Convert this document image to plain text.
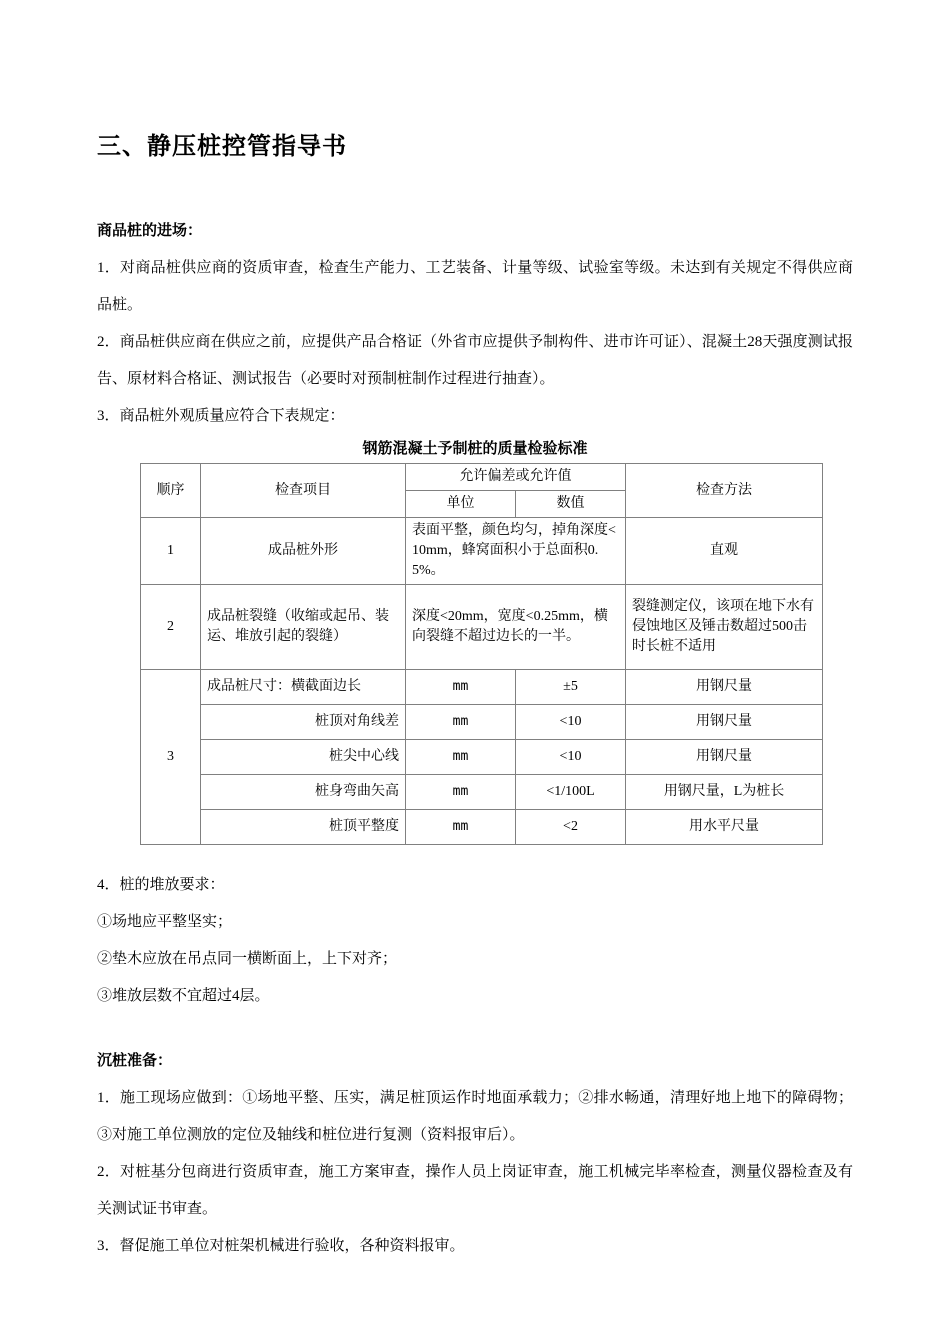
三、静压桩控管指导书
商品桩的进场：

1．对商品桩供应商的资质审查，检查生产能力、工艺装备、计量等级、试验室等级。未达到有关规定不得供应商品桩。

2．商品桩供应商在供应之前，应提供产品合格证（外省市应提供予制构件、进市许可证）、混凝土28天强度测试报告、原材料合格证、测试报告（必要时对预制桩制作过程进行抽查）。

3．商品桩外观质量应符合下表规定：

钢筋混凝土予制桩的质量检验标准
顺序	检查项目	允许偏差或允许值		检查方法
		单位	数值	
1	成品桩外形	表面平整，颜色均匀，掉角深度<10mm，蜂窝面积小于总面积0.5%。		直观
2	成品桩裂缝（收缩或起吊、装运、堆放引起的裂缝）	深度<20mm，宽度<0.25mm，横向裂缝不超过边长的一半。		裂缝测定仪，该项在地下水有侵蚀地区及锤击数超过500击时长桩不适用
3	成品桩尺寸：横截面边长	mm	±5	用钢尺量
	桩顶对角线差	mm	<10	用钢尺量
	桩尖中心线	mm	<10	用钢尺量
	桩身弯曲矢高	mm	<1/100L	用钢尺量，L为桩长
	桩顶平整度	mm	<2	用水平尺量

4．桩的堆放要求：

①场地应平整坚实；

②垫木应放在吊点同一横断面上，上下对齐；

③堆放层数不宜超过4层。

沉桩准备：

1．施工现场应做到：①场地平整、压实，满足桩顶运作时地面承载力；②排水畅通，清理好地上地下的障碍物；③对施工单位测放的定位及轴线和桩位进行复测（资料报审后）。

2．对桩基分包商进行资质审查，施工方案审查，操作人员上岗证审查，施工机械完毕率检查，测量仪器检查及有关测试证书审查。

3．督促施工单位对桩架机械进行验收，各种资料报审。
